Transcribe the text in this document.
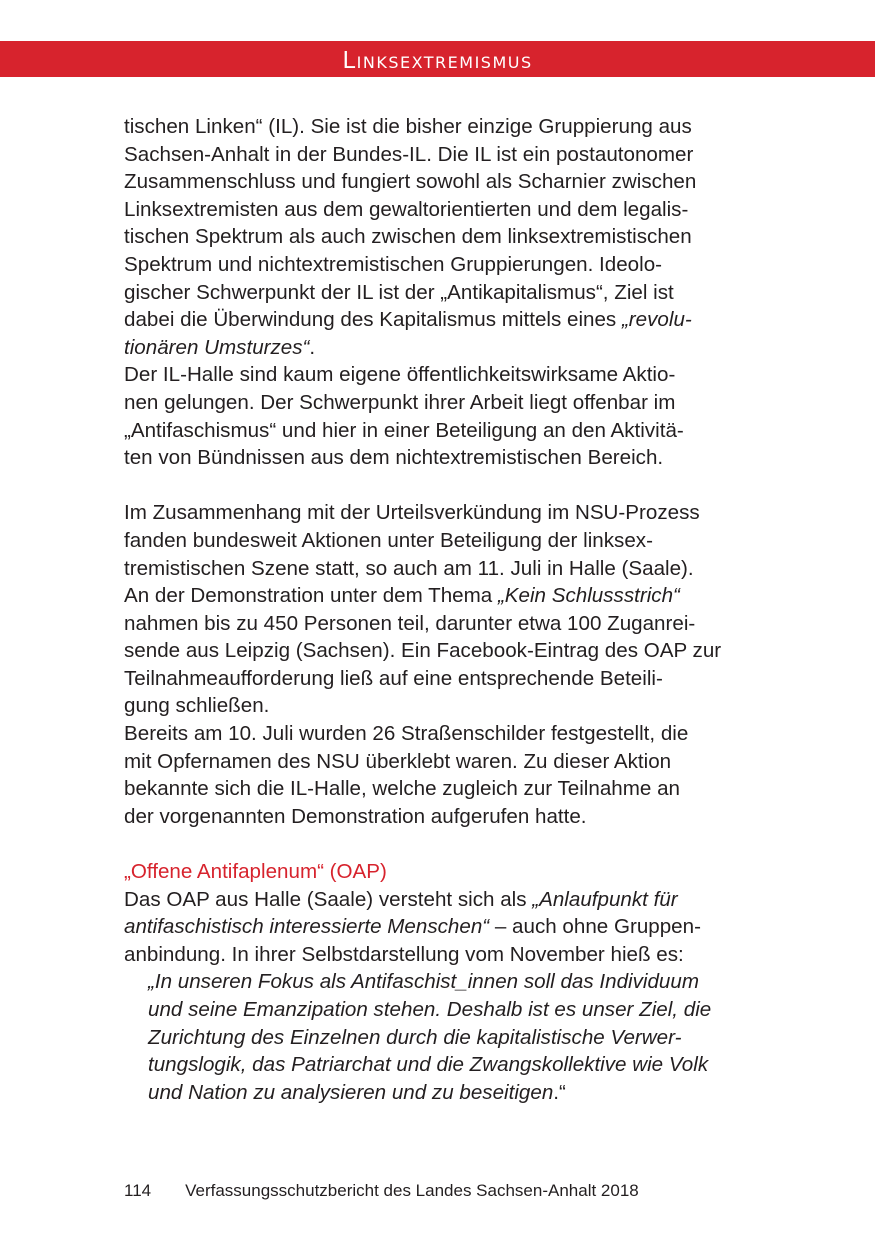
Linksextremismus

tischen Linken“ (IL). Sie ist die bisher einzige Gruppierung aus
Sachsen-Anhalt in der Bundes-IL. Die IL ist ein postautonomer
Zusammenschluss und fungiert sowohl als Scharnier zwischen
Linksextremisten aus dem gewaltorientierten und dem legalis-
tischen Spektrum als auch zwischen dem linksextremistischen
Spektrum und nichtextremistischen Gruppierungen. Ideolo-
gischer Schwerpunkt der IL ist der „Antikapitalismus“, Ziel ist
dabei die Überwindung des Kapitalismus mittels eines „revolu-
tionären Umsturzes“.

Der IL-Halle sind kaum eigene öffentlichkeitswirksame Aktio-
nen gelungen. Der Schwerpunkt ihrer Arbeit liegt offenbar im
„Antifaschismus“ und hier in einer Beteiligung an den Aktivitä-
ten von Bündnissen aus dem nichtextremistischen Bereich.

Im Zusammenhang mit der Urteilsverkündung im NSU-Prozess
fanden bundesweit Aktionen unter Beteiligung der linksex-
tremistischen Szene statt, so auch am 11. Juli in Halle (Saale).
An der Demonstration unter dem Thema „Kein Schlussstrich“
nahmen bis zu 450 Personen teil, darunter etwa 100 Zuganrei-
sende aus Leipzig (Sachsen). Ein Facebook-Eintrag des OAP zur
Teilnahmeaufforderung ließ auf eine entsprechende Beteili-
gung schließen.

Bereits am 10. Juli wurden 26 Straßenschilder festgestellt, die
mit Opfernamen des NSU überklebt waren. Zu dieser Aktion
bekannte sich die IL-Halle, welche zugleich zur Teilnahme an
der vorgenannten Demonstration aufgerufen hatte.

„Offene Antifaplenum“ (OAP)

Das OAP aus Halle (Saale) versteht sich als „Anlaufpunkt für
antifaschistisch interessierte Menschen“ – auch ohne Gruppen-
anbindung. In ihrer Selbstdarstellung vom November hieß es:

„In unseren Fokus als Antifaschist_innen soll das Individuum
und seine Emanzipation stehen. Deshalb ist es unser Ziel, die
Zurichtung des Einzelnen durch die kapitalistische Verwer-
tungslogik, das Patriarchat und die Zwangskollektive wie Volk
und Nation zu analysieren und zu beseitigen.“

114 Verfassungsschutzbericht des Landes Sachsen-Anhalt 2018
